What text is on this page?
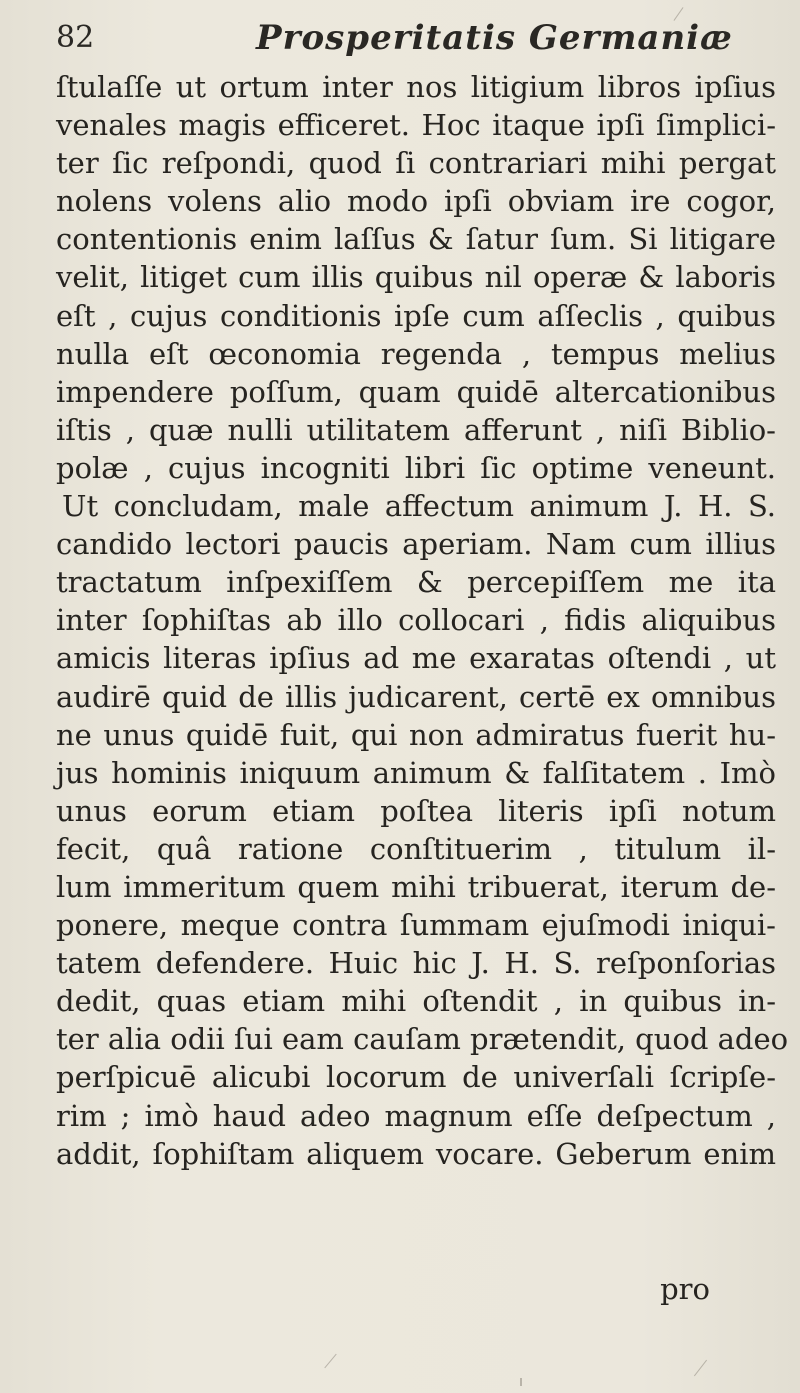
82	Prosperitatis Germaniæ
ſtulaſſe ut ortum inter nos litigium libros ipſius
venales magis efficeret. Hoc itaque ipſi ſimplici-
ter ſic reſpondi, quod ſi contrariari mihi pergat
nolens volens alio modo ipſi obviam ire cogor,
contentionis enim laſſus & ſatur ſum. Si litigare
velit, litiget cum illis quibus nil operæ & laboris
eſt , cujus conditionis ipſe cum aſſeclis , quibus
nulla eſt œconomia regenda , tempus melius
impendere poſſum, quam quidē altercationibus
iſtis , quæ nulli utilitatem afferunt , niſi Biblio-
polæ , cujus incogniti libri ſic optime veneunt.
Ut concludam, male affectum animum J. H. S.
candido lectori paucis aperiam. Nam cum illius
tractatum inſpexiſſem & percepiſſem me ita
inter ſophiſtas ab illo collocari , fidis aliquibus
amicis literas ipſius ad me exaratas oſtendi , ut
audirē quid de illis judicarent, certē ex omnibus
ne unus quidē fuit, qui non admiratus fuerit hu-
jus hominis iniquum animum & falſitatem . Imò
unus eorum etiam poſtea literis ipſi notum
fecit, quâ ratione conſtituerim , titulum il-
lum immeritum quem mihi tribuerat, iterum de-
ponere, meque contra ſummam ejuſmodi iniqui-
tatem defendere. Huic hic J. H. S. reſponſorias
dedit, quas etiam mihi oſtendit , in quibus in-
ter alia odii ſui eam cauſam prætendit, quod adeo
perſpicuē alicubi locorum de univerſali ſcripſe-
rim ; imò haud adeo magnum eſſe deſpectum ,
addit, ſophiſtam aliquem vocare. Geberum enim
pro
